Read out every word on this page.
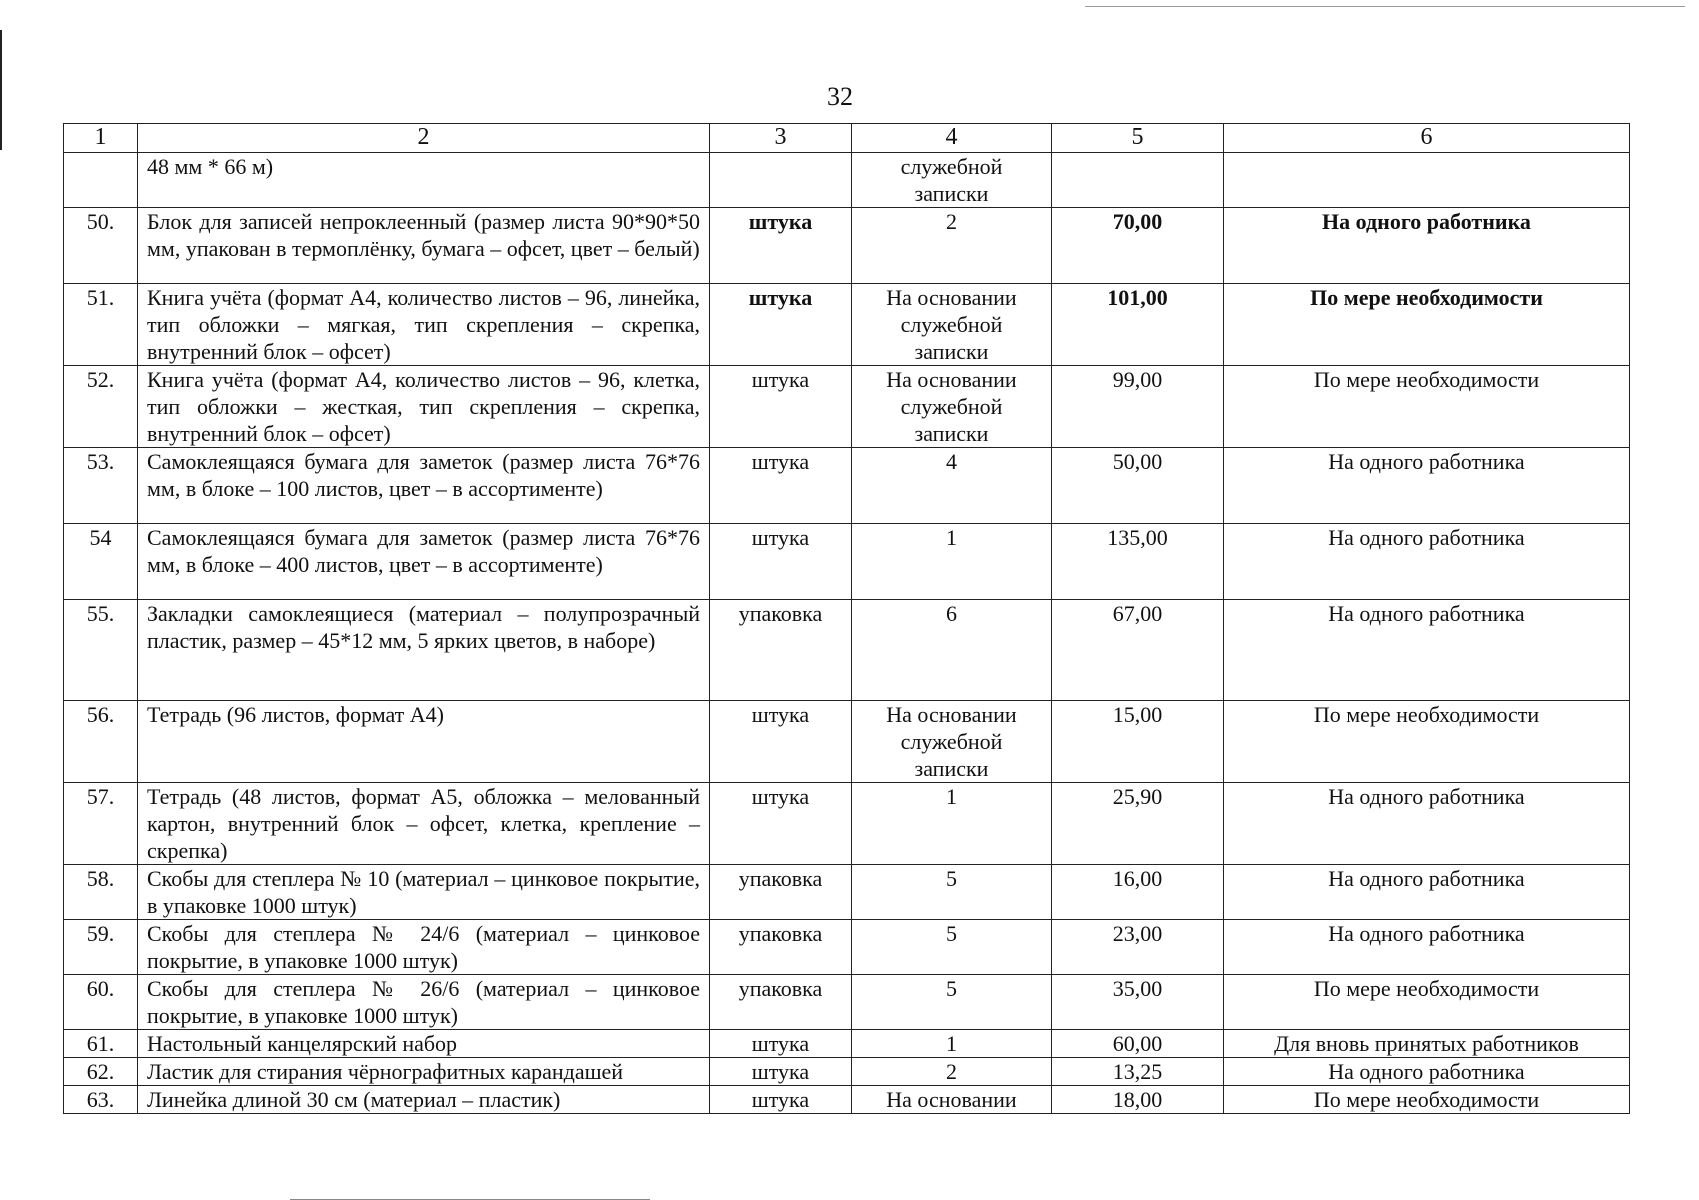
32
1	2	3	4	5	6
	48 мм * 66 м)		служебной записки		
50.	Блок для записей непроклеенный (размер листа 90*90*50 мм, упакован в термоплёнку, бумага – офсет, цвет – белый)	штука	2	70,00	На одного работника
51.	Книга учёта (формат А4, количество листов – 96, линейка, тип обложки – мягкая, тип скрепления – скрепка, внутренний блок – офсет)	штука	На основании служебной записки	101,00	По мере необходимости
52.	Книга учёта (формат А4, количество листов – 96, клетка, тип обложки – жесткая, тип скрепления – скрепка, внутренний блок – офсет)	штука	На основании служебной записки	99,00	По мере необходимости
53.	Самоклеящаяся бумага для заметок (размер листа 76*76 мм, в блоке – 100 листов, цвет – в ассортименте)	штука	4	50,00	На одного работника
54	Самоклеящаяся бумага для заметок (размер листа 76*76 мм, в блоке – 400 листов, цвет – в ассортименте)	штука	1	135,00	На одного работника
55.	Закладки самоклеящиеся (материал – полупрозрачный пластик, размер – 45*12 мм, 5 ярких цветов, в наборе)	упаковка	6	67,00	На одного работника
56.	Тетрадь (96 листов, формат А4)	штука	На основании служебной записки	15,00	По мере необходимости
57.	Тетрадь (48 листов, формат А5, обложка – мелованный картон, внутренний блок – офсет, клетка, крепление – скрепка)	штука	1	25,90	На одного работника
58.	Скобы для степлера № 10 (материал – цинковое покрытие, в упаковке 1000 штук)	упаковка	5	16,00	На одного работника
59.	Скобы для степлера № 24/6 (материал – цинковое покрытие, в упаковке 1000 штук)	упаковка	5	23,00	На одного работника
60.	Скобы для степлера № 26/6 (материал – цинковое покрытие, в упаковке 1000 штук)	упаковка	5	35,00	По мере необходимости
61.	Настольный канцелярский набор	штука	1	60,00	Для вновь принятых работников
62.	Ластик для стирания чёрнографитных карандашей	штука	2	13,25	На одного работника
63.	Линейка длиной 30 см (материал – пластик)	штука	На основании	18,00	По мере необходимости
